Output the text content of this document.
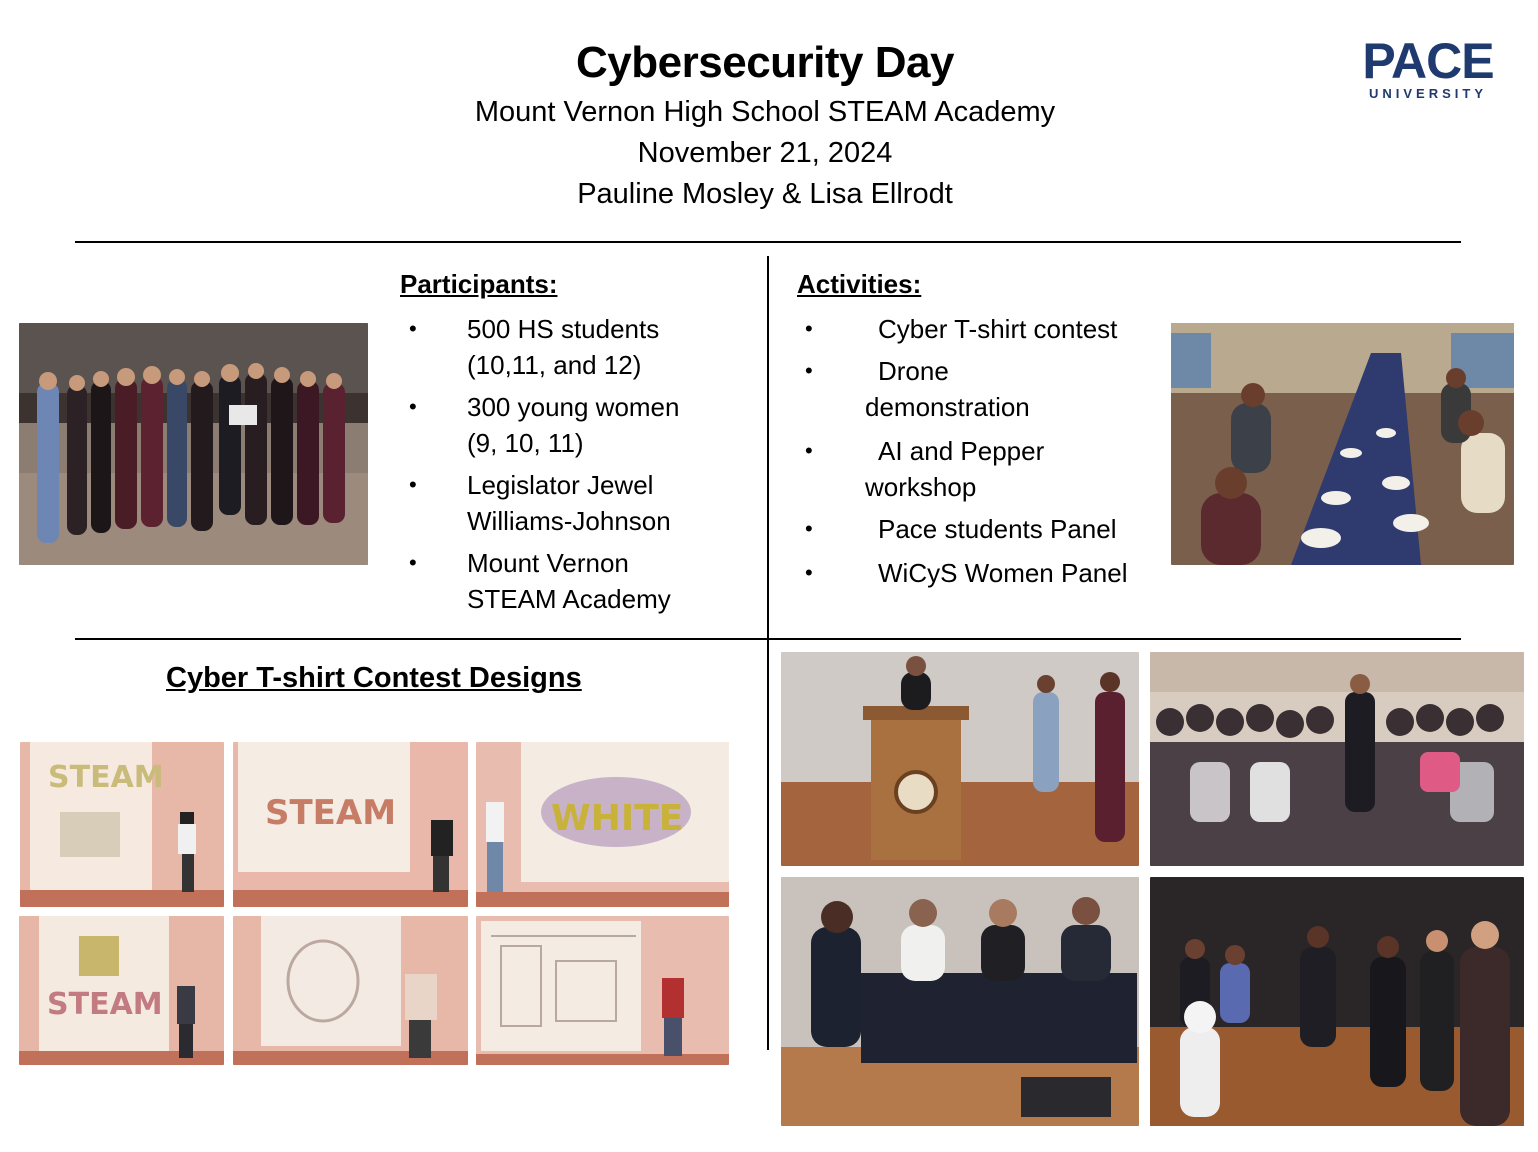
Cybersecurity Day
Mount Vernon High School STEAM Academy
November 21, 2024
Pauline Mosley & Lisa Ellrodt
PACE
UNIVERSITY
Participants:
• 500 HS students
(10,11, and 12)
• 300 young women
(9, 10, 11)
• Legislator Jewel
Williams-Johnson
• Mount Vernon
STEAM Academy
Activities:
•	Cyber T-shirt contest
•	Drone
demonstration
•	AI and Pepper
workshop
•	Pace students Panel
•	WiCyS Women Panel
Cyber T-shirt Contest Designs
STEAM
STEAM	WHITE
STEAM
